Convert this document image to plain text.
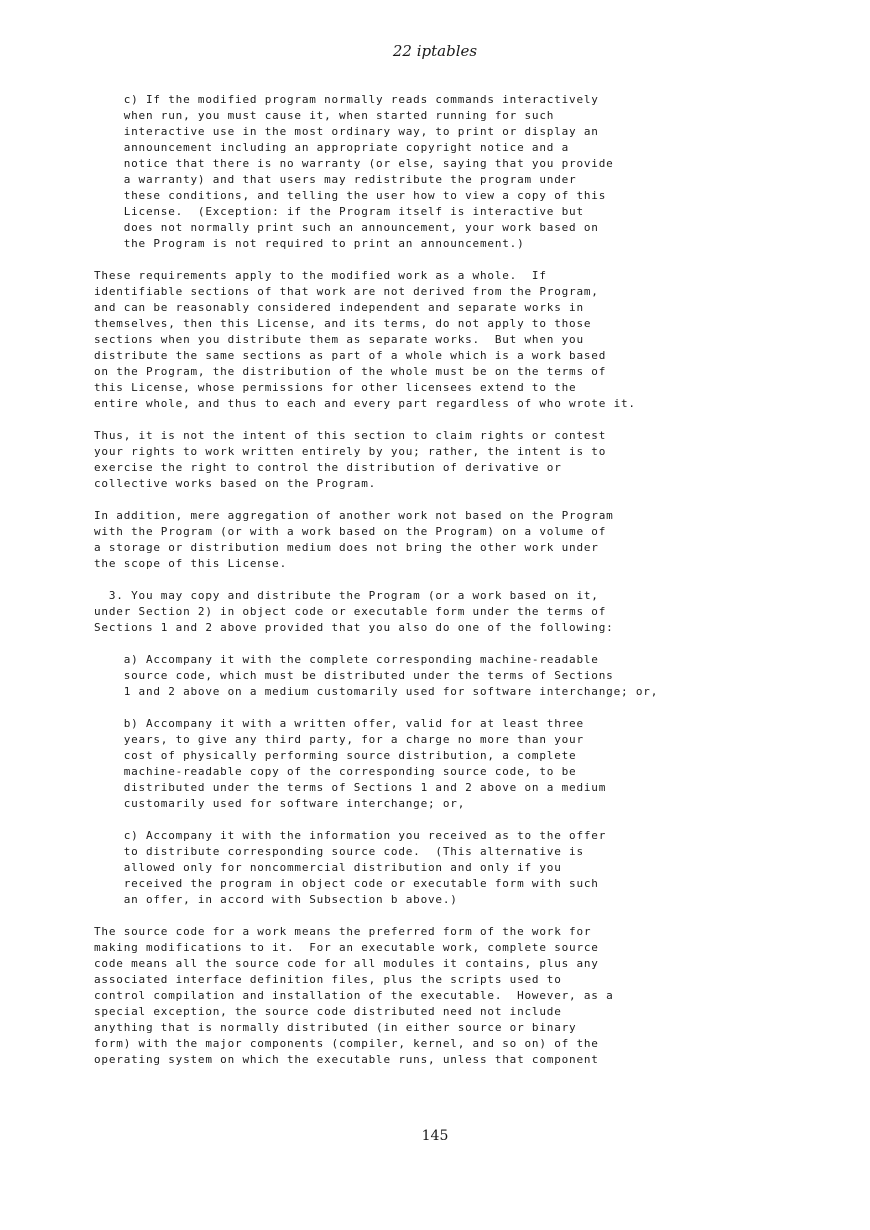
22 iptables
c) If the modified program normally reads commands interactively
when run, you must cause it, when started running for such
interactive use in the most ordinary way, to print or display an
announcement including an appropriate copyright notice and a
notice that there is no warranty (or else, saying that you provide
a warranty) and that users may redistribute the program under
these conditions, and telling the user how to view a copy of this
License.  (Exception: if the Program itself is interactive but
does not normally print such an announcement, your work based on
the Program is not required to print an announcement.)
These requirements apply to the modified work as a whole.  If
identifiable sections of that work are not derived from the Program,
and can be reasonably considered independent and separate works in
themselves, then this License, and its terms, do not apply to those
sections when you distribute them as separate works.  But when you
distribute the same sections as part of a whole which is a work based
on the Program, the distribution of the whole must be on the terms of
this License, whose permissions for other licensees extend to the
entire whole, and thus to each and every part regardless of who wrote it.
Thus, it is not the intent of this section to claim rights or contest
your rights to work written entirely by you; rather, the intent is to
exercise the right to control the distribution of derivative or
collective works based on the Program.
In addition, mere aggregation of another work not based on the Program
with the Program (or with a work based on the Program) on a volume of
a storage or distribution medium does not bring the other work under
the scope of this License.
3. You may copy and distribute the Program (or a work based on it,
under Section 2) in object code or executable form under the terms of
Sections 1 and 2 above provided that you also do one of the following:
a) Accompany it with the complete corresponding machine-readable
source code, which must be distributed under the terms of Sections
1 and 2 above on a medium customarily used for software interchange; or,
b) Accompany it with a written offer, valid for at least three
years, to give any third party, for a charge no more than your
cost of physically performing source distribution, a complete
machine-readable copy of the corresponding source code, to be
distributed under the terms of Sections 1 and 2 above on a medium
customarily used for software interchange; or,
c) Accompany it with the information you received as to the offer
to distribute corresponding source code.  (This alternative is
allowed only for noncommercial distribution and only if you
received the program in object code or executable form with such
an offer, in accord with Subsection b above.)
The source code for a work means the preferred form of the work for
making modifications to it.  For an executable work, complete source
code means all the source code for all modules it contains, plus any
associated interface definition files, plus the scripts used to
control compilation and installation of the executable.  However, as a
special exception, the source code distributed need not include
anything that is normally distributed (in either source or binary
form) with the major components (compiler, kernel, and so on) of the
operating system on which the executable runs, unless that component
145
